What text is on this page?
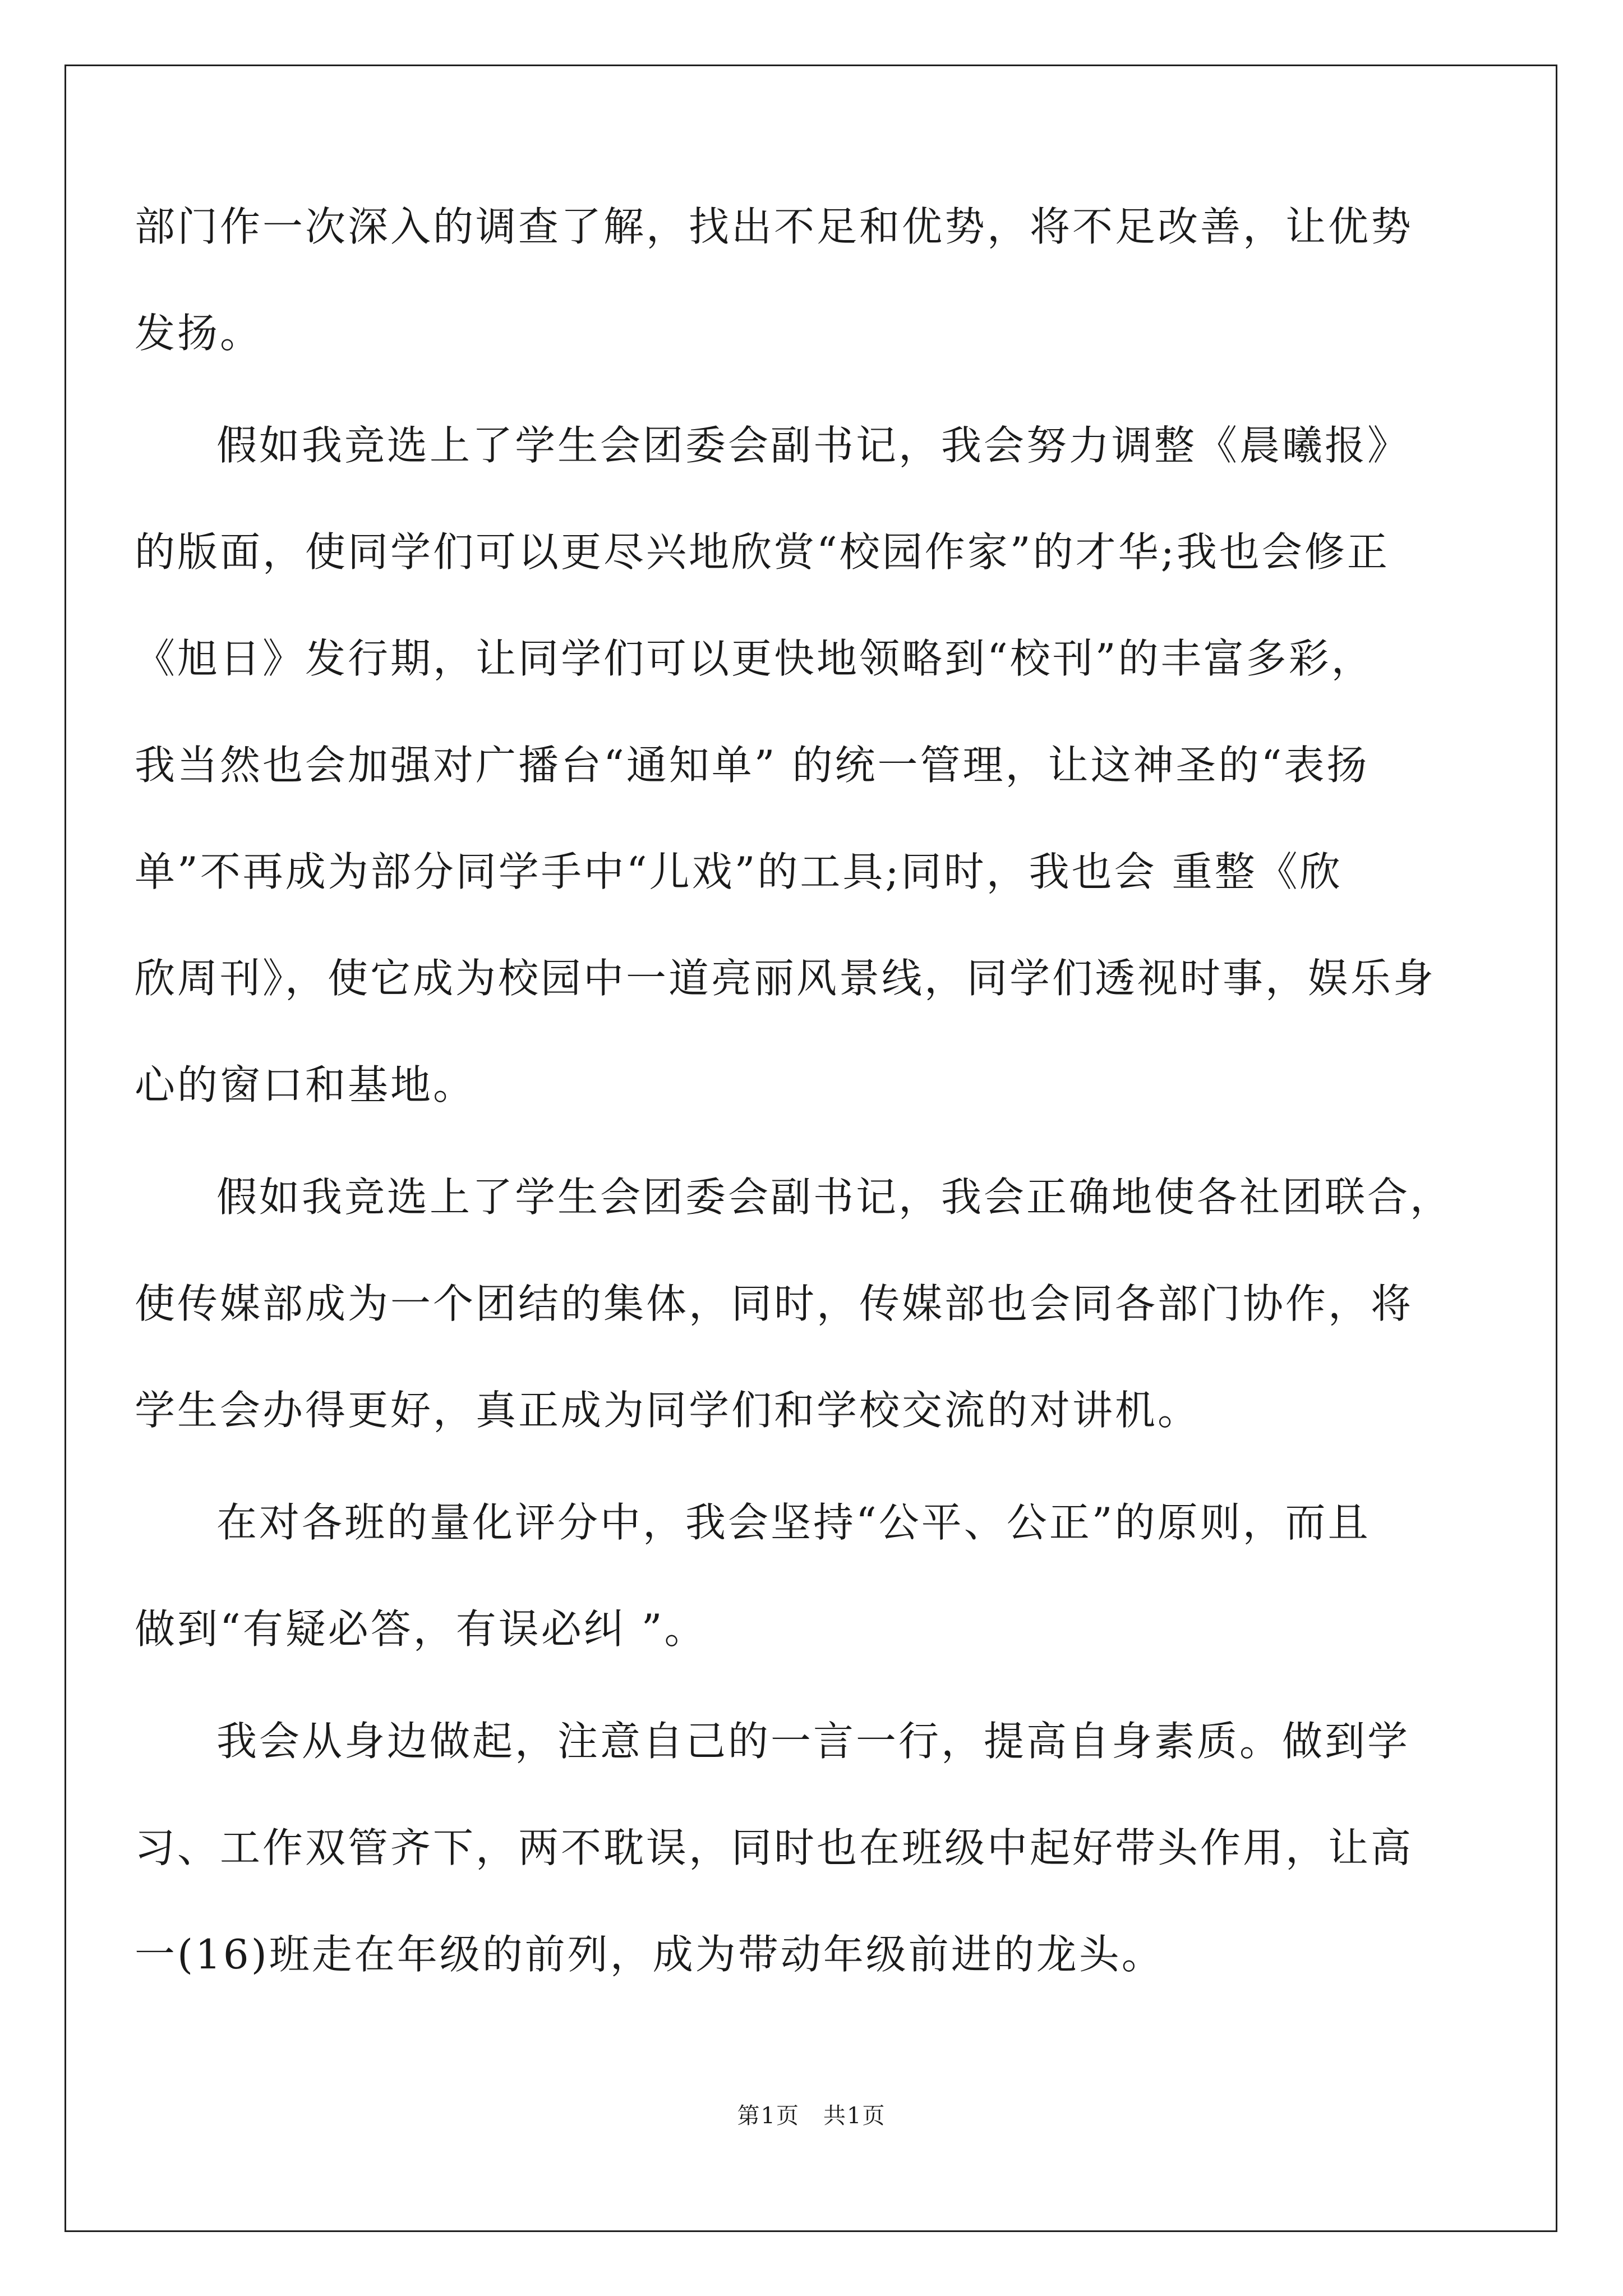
部门作一次深入的调查了解，找出不足和优势，将不足改善，让优势
发扬。
假如我竞选上了学生会团委会副书记，我会努力调整《晨曦报》
的版面，使同学们可以更尽兴地欣赏“校园作家”的才华;我也会修正
《旭日》发行期，让同学们可以更快地领略到“校刊”的丰富多彩，
我当然也会加强对广播台“通知单” 的统一管理，让这神圣的“表扬
单”不再成为部分同学手中“儿戏”的工具;同时，我也会 重整《欣
欣周刊》，使它成为校园中一道亮丽风景线，同学们透视时事，娱乐身
心的窗口和基地。
假如我竞选上了学生会团委会副书记，我会正确地使各社团联合，
使传媒部成为一个团结的集体，同时，传媒部也会同各部门协作，将
学生会办得更好，真正成为同学们和学校交流的对讲机。
在对各班的量化评分中，我会坚持“公平、公正”的原则，而且
做到“有疑必答，有误必纠 ”。
我会从身边做起，注意自己的一言一行，提高自身素质。做到学
习、工作双管齐下，两不耽误，同时也在班级中起好带头作用，让高
一(16)班走在年级的前列，成为带动年级前进的龙头。
第1页　共1页
